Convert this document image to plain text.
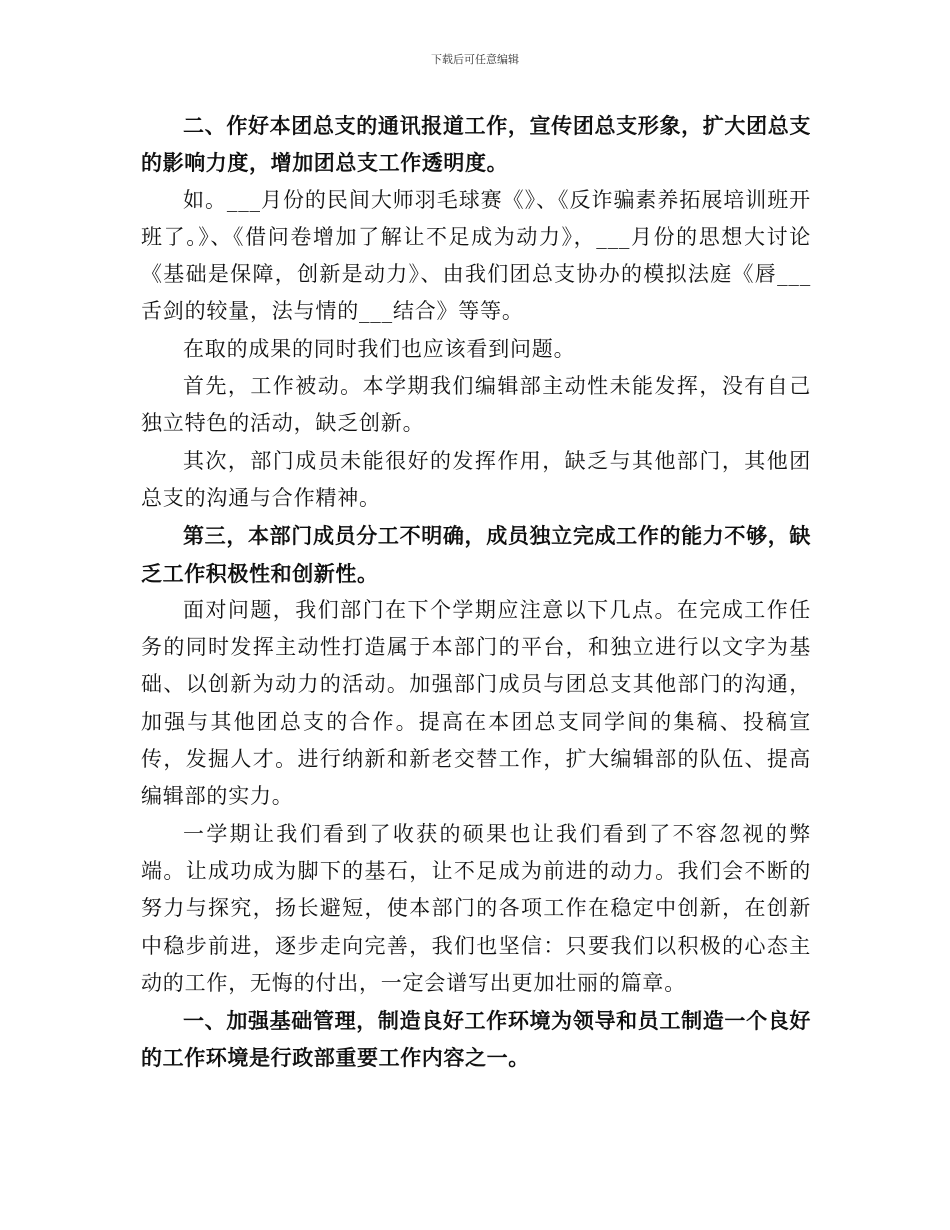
下载后可任意编辑

二、作好本团总支的通讯报道工作，宣传团总支形象，扩大团总支的影响力度，增加团总支工作透明度。

如。___月份的民间大师羽毛球赛《》、《反诈骗素养拓展培训班开班了。》、《借问卷增加了解让不足成为动力》，___月份的思想大讨论《基础是保障，创新是动力》、由我们团总支协办的模拟法庭《唇___舌剑的较量，法与情的___结合》等等。

在取的成果的同时我们也应该看到问题。

首先，工作被动。本学期我们编辑部主动性未能发挥，没有自己独立特色的活动，缺乏创新。

其次，部门成员未能很好的发挥作用，缺乏与其他部门，其他团总支的沟通与合作精神。

第三，本部门成员分工不明确，成员独立完成工作的能力不够，缺乏工作积极性和创新性。

面对问题，我们部门在下个学期应注意以下几点。在完成工作任务的同时发挥主动性打造属于本部门的平台，和独立进行以文字为基础、以创新为动力的活动。加强部门成员与团总支其他部门的沟通，加强与其他团总支的合作。提高在本团总支同学间的集稿、投稿宣传，发掘人才。进行纳新和新老交替工作，扩大编辑部的队伍、提高编辑部的实力。

一学期让我们看到了收获的硕果也让我们看到了不容忽视的弊端。让成功成为脚下的基石，让不足成为前进的动力。我们会不断的努力与探究，扬长避短，使本部门的各项工作在稳定中创新，在创新中稳步前进，逐步走向完善，我们也坚信：只要我们以积极的心态主动的工作，无悔的付出，一定会谱写出更加壮丽的篇章。

一、加强基础管理，制造良好工作环境为领导和员工制造一个良好的工作环境是行政部重要工作内容之一。
